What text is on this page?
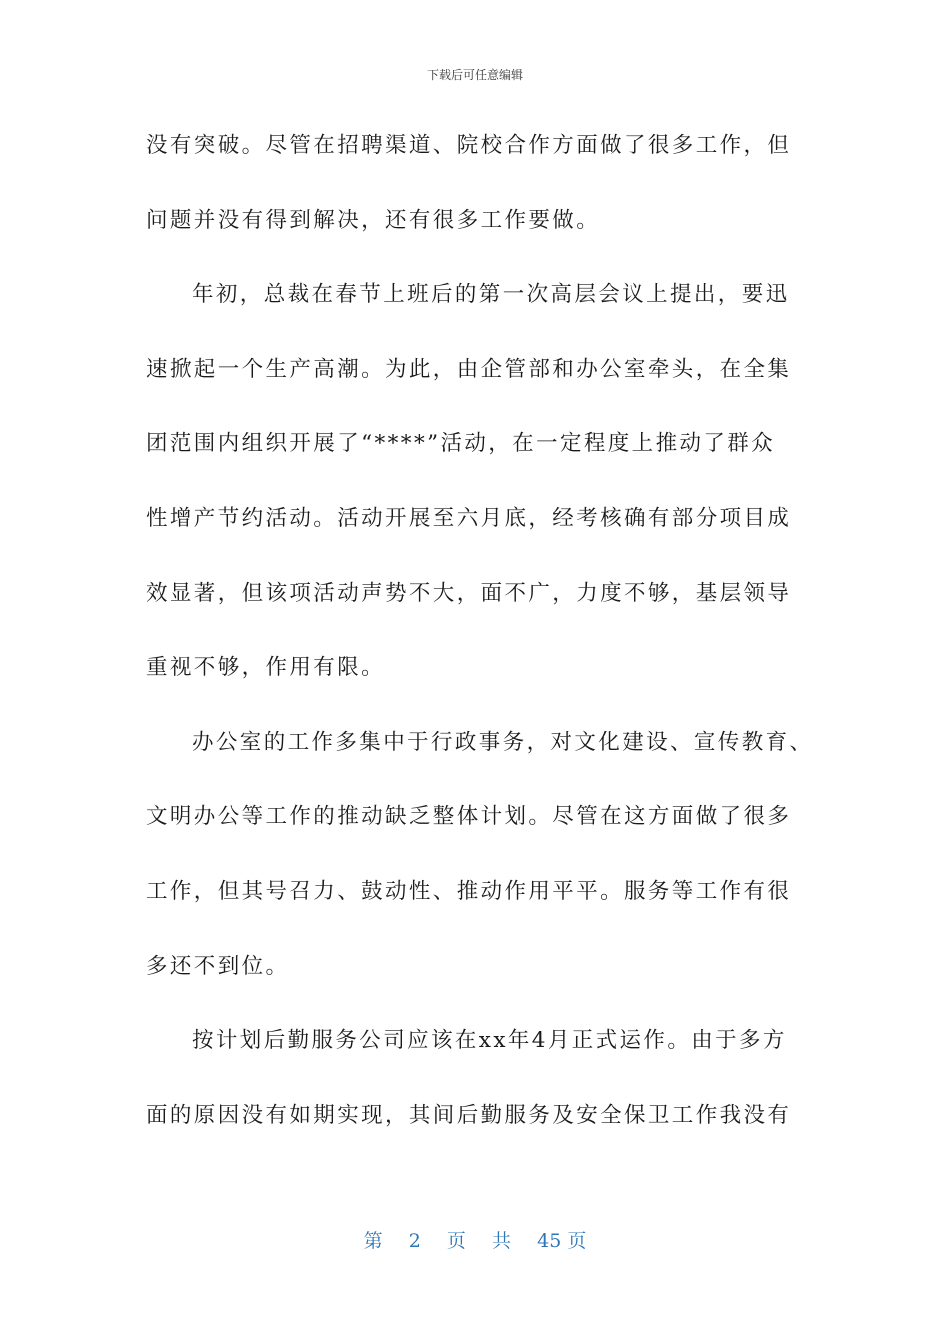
下载后可任意编辑
没有突破。尽管在招聘渠道、院校合作方面做了很多工作，但
问题并没有得到解决，还有很多工作要做。
年初，总裁在春节上班后的第一次高层会议上提出，要迅
速掀起一个生产高潮。为此，由企管部和办公室牵头，在全集
团范围内组织开展了“****”活动，在一定程度上推动了群众
性增产节约活动。活动开展至六月底，经考核确有部分项目成
效显著，但该项活动声势不大，面不广，力度不够，基层领导
重视不够，作用有限。
办公室的工作多集中于行政事务，对文化建设、宣传教育、
文明办公等工作的推动缺乏整体计划。尽管在这方面做了很多
工作，但其号召力、鼓动性、推动作用平平。服务等工作有很
多还不到位。
按计划后勤服务公司应该在xx年4月正式运作。由于多方
面的原因没有如期实现，其间后勤服务及安全保卫工作我没有
第 2 页 共 45 页
